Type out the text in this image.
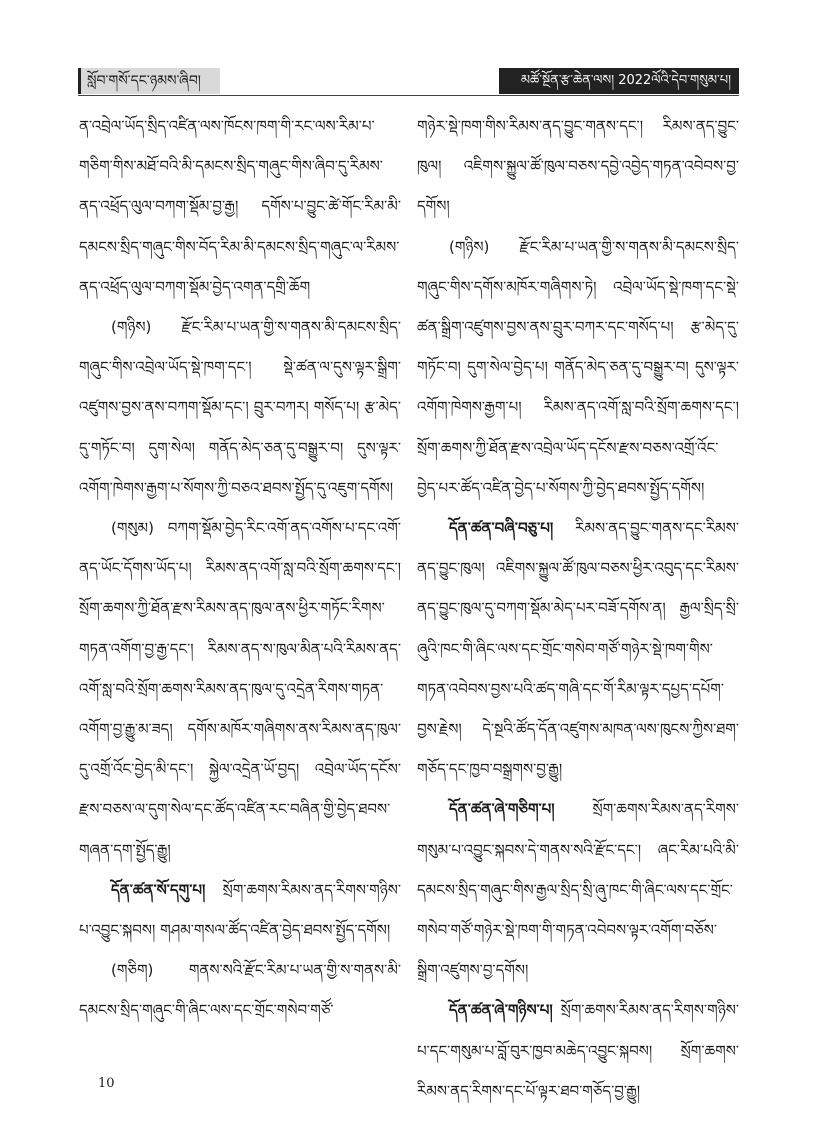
སློབ་གསོ་དང་ཉམས་ཞིབ།	མཚོ་སྔོན་རྩ་ཆེན་ལས། 2022ལོའི་དེབ་གསུམ་པ།

ན་འབྲེལ་ཡོད་སྲིད་འཛིན་ལས་ཁོངས་ཁག་གི་རང་ལས་རིམ་པ་གཅིག་གིས་མཐོ་བའི་མི་དམངས་སྲིད་གཞུང་གིས་ཞིབ་དུ་རིམས་ནད་འཕྲོད་ལུལ་བཀག་སྡོམ་བྱ་རྒྱ། དགོས་པ་བྱུང་ཚེ་གོང་རིམ་མི་དམངས་སྲིད་གཞུང་གིས་བོད་རིམ་མི་དམངས་སྲིད་གཞུང་ལ་རིམས་ནད་འཕྲོད་ལུལ་བཀག་སྡོམ་བྱེད་འགན་དགྲི་ཆོག

(གཉིས) རྫོང་རིམ་པ་ཡན་གྱི་ས་གནས་མི་དམངས་སྲིད་གཞུང་གིས་འབྲེལ་ཡོད་སྡེ་ཁག་དང་། སྡེ་ཚན་ལ་དུས་ལྟར་སྒྲིག་འཛུགས་བྱས་ནས་བཀག་སྡོམ་དང་། བྲུར་བཀར། གསོད་པ། རྩ་མེད་དུ་གཏོང་བ། དུག་སེལ། གནོད་མེད་ཅན་དུ་བསྒྱུར་བ། དུས་ལྟར་འགོག་ཁེགས་རྒྱག་པ་སོགས་ཀྱི་བཅའ་ཐབས་སྤྱོད་དུ་འཇུག་དགོས།

(གསུམ) བཀག་སྡོམ་བྱེད་རིང་འགོ་ནད་འགོས་པ་དང་འགོ་ནད་ཡོང་དོགས་ཡོད་པ། རིམས་ནད་འགོ་སླ་བའི་སྲོག་ཆགས་དང་། སྲོག་ཆགས་ཀྱི་ཐོན་རྫས་རིམས་ནད་ཁུལ་ནས་ཕྱིར་གཏོང་རིགས་གཏན་འགོག་བྱ་རྒྱ་དང་། རིམས་ནད་ས་ཁུལ་མིན་པའི་རིམས་ནད་འགོ་སླ་བའི་སྲོག་ཆགས་རིམས་ནད་ཁུལ་དུ་འདྲེན་རིགས་གཏན་འགོག་བྱ་རྒྱུ་མ་ཟད། དགོས་མཁོར་གཞིགས་ནས་རིམས་ནད་ཁུལ་དུ་འགྲོ་འོང་བྱེད་མི་དང་། སྐྱེལ་འདྲེན་ཡོ་བྱད། འབྲེལ་ཡོད་དངོས་རྫས་བཅས་ལ་དུག་སེལ་དང་ཚོད་འཛིན་རང་བཞིན་གྱི་བྱེད་ཐབས་གཞན་དག་སྤྱོད་རྒྱུ།

དོན་ཚན་སོ་དགུ་པ། སྲོག་ཆགས་རིམས་ནད་རིགས་གཉིས་པ་འབྱུང་སྐབས། གཤམ་གསལ་ཚོད་འཛིན་བྱེད་ཐབས་སྤྱོད་དགོས།

(གཅིག) གནས་སའི་རྫོང་རིམ་པ་ཡན་གྱི་ས་གནས་མི་དམངས་སྲིད་གཞུང་གི་ཞིང་ལས་དང་གྲོང་གསེབ་གཙོ་

གཉེར་སྡེ་ཁག་གིས་རིམས་ནད་བྱུང་གནས་དང་། རིམས་ནད་བྱུང་ཁུལ། འཇིགས་སྐྱུལ་ཚོ་ཁུལ་བཅས་དབྱེ་འབྱེད་གཏན་འབེབས་བྱ་དགོས།

(གཉིས) རྫོང་རིམ་པ་ཡན་གྱི་ས་གནས་མི་དམངས་སྲིད་གཞུང་གིས་དགོས་མཁོར་གཞིགས་ཏེ། འབྲེལ་ཡོད་སྡེ་ཁག་དང་སྡེ་ཚན་སྒྲིག་འཛུགས་བྱས་ནས་བྲུར་བཀར་དང་གསོད་པ། རྩ་མེད་དུ་གཏོང་བ། དུག་སེལ་བྱེད་པ། གནོད་མེད་ཅན་དུ་བསྒྱུར་བ། དུས་ལྟར་འགོག་ཁེགས་རྒྱག་པ། རིམས་ནད་འགོ་སླ་བའི་སྲོག་ཆགས་དང་། སྲོག་ཆགས་ཀྱི་ཐོན་རྫས་འབྲེལ་ཡོད་དངོས་རྫས་བཅས་འགྲོ་འོང་བྱེད་པར་ཚོད་འཛིན་བྱེད་པ་སོགས་ཀྱི་བྱེད་ཐབས་སྤྱོད་དགོས།

དོན་ཚན་བཞི་བཅུ་པ། རིམས་ནད་བྱུང་གནས་དང་རིམས་ནད་བྱུང་ཁུལ། འཇིགས་སྐྱུལ་ཚོ་ཁུལ་བཅས་ཕྱིར་འབུད་དང་རིམས་ནད་བྱུང་ཁུལ་དུ་བཀག་སྡོམ་མེད་པར་བཟོ་དགོས་ན། རྒྱལ་སྲིད་སྲི་ཞུའི་ཁང་གི་ཞིང་ལས་དང་གྲོང་གསེབ་གཙོ་གཉེར་སྡེ་ཁག་གིས་གཏན་འབེབས་བྱས་པའི་ཚད་གཞི་དང་གོ་རིམ་ལྟར་དཔྱད་དཔོག་བྱས་རྗེས། དེ་སྔའི་ཚོད་དོན་འཛུགས་མཁན་ལས་ཁུངས་ཀྱིས་ཐག་གཅོད་དང་ཁྱབ་བསྒྲགས་བྱ་རྒྱུ།

དོན་ཚན་ཞེ་གཅིག་པ། སྲོག་ཆགས་རིམས་ནད་རིགས་གསུམ་པ་འབྱུང་སྐབས་དེ་གནས་སའི་རྫོང་དང་། ཞང་རིམ་པའི་མི་དམངས་སྲིད་གཞུང་གིས་རྒྱལ་སྲིད་སྲི་ཞུ་ཁང་གི་ཞིང་ལས་དང་གྲོང་གསེབ་གཙོ་གཉེར་སྡེ་ཁག་གི་གཏན་འབེབས་ལྟར་འགོག་བཅོས་སྒྲིག་འཛུགས་བྱ་དགོས།

དོན་ཚན་ཞེ་གཉིས་པ། སྲོག་ཆགས་རིམས་ནད་རིགས་གཉིས་པ་དང་གསུམ་པ་བློ་བུར་ཁྱབ་མཆེད་འབྱུང་སྐབས། སྲོག་ཆགས་རིམས་ནད་རིགས་དང་པོ་ལྟར་ཐབ་གཅོད་བྱ་རྒྱུ།

10
